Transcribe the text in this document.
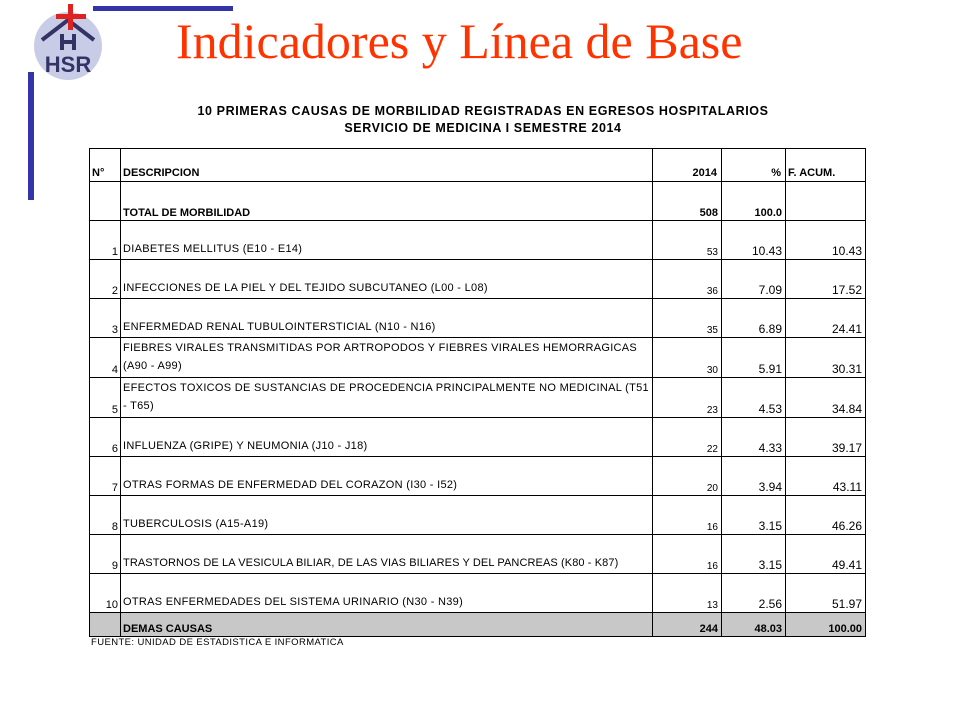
HSR Indicadores y Línea de Base
10 PRIMERAS CAUSAS DE MORBILIDAD REGISTRADAS EN EGRESOS HOSPITALARIOS
SERVICIO DE MEDICINA I SEMESTRE 2014
N°	DESCRIPCION	2014	%	F. ACUM.
	TOTAL DE MORBILIDAD	508	100.0	
1	DIABETES MELLITUS (E10 - E14)	53	10.43	10.43
2	INFECCIONES DE LA PIEL Y DEL TEJIDO SUBCUTANEO (L00 - L08)	36	7.09	17.52
3	ENFERMEDAD RENAL TUBULOINTERSTICIAL (N10 - N16)	35	6.89	24.41
4	FIEBRES VIRALES TRANSMITIDAS POR ARTROPODOS Y FIEBRES VIRALES HEMORRAGICAS (A90 - A99)	30	5.91	30.31
5	EFECTOS TOXICOS DE SUSTANCIAS DE PROCEDENCIA PRINCIPALMENTE NO MEDICINAL (T51 - T65)	23	4.53	34.84
6	INFLUENZA (GRIPE) Y NEUMONIA (J10 - J18)	22	4.33	39.17
7	OTRAS FORMAS DE ENFERMEDAD DEL CORAZON (I30 - I52)	20	3.94	43.11
8	TUBERCULOSIS (A15-A19)	16	3.15	46.26
9	TRASTORNOS DE LA VESICULA BILIAR, DE LAS VIAS BILIARES Y DEL PANCREAS (K80 - K87)	16	3.15	49.41
10	OTRAS ENFERMEDADES DEL SISTEMA URINARIO (N30 - N39)	13	2.56	51.97
	DEMAS CAUSAS	244	48.03	100.00
FUENTE: UNIDAD DE ESTADISTICA E INFORMATICA
